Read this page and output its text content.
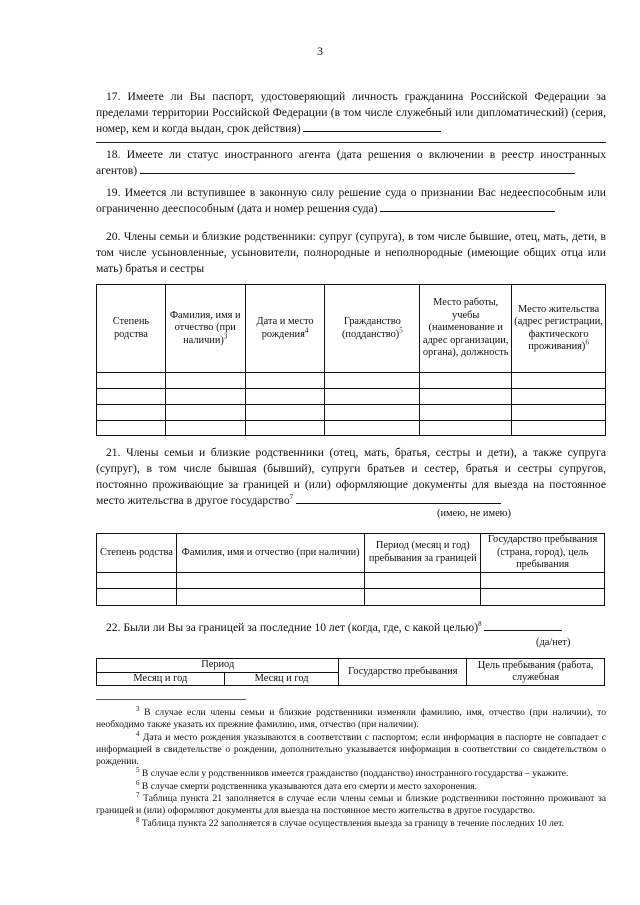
3
17. Имеете ли Вы паспорт, удостоверяющий личность гражданина Российской Федерации за пределами территории Российской Федерации (в том числе служебный или дипломатический) (серия, номер, кем и когда выдан, срок действия)
18. Имеете ли статус иностранного агента (дата решения о включении в реестр иностранных агентов)
19. Имеется ли вступившее в законную силу решение суда о признании Вас недееспособным или ограниченно дееспособным (дата и номер решения суда)
20. Члены семьи и близкие родственники: супруг (супруга), в том числе бывшие, отец, мать, дети, в том числе усыновленные, усыновители, полнородные и неполнородные (имеющие общих отца или мать) братья и сестры
Степень родства	Фамилия, имя и отчество (при наличии)$^3$	Дата и место рождения$^4$	Гражданство (подданство)$^5$	Место работы, учебы (наименование и адрес организации, органа), должность	Место жительства (адрес регистрации, фактического проживания)$^6$

21. Члены семьи и близкие родственники (отец, мать, братья, сестры и дети), а также супруга (супруг), в том числе бывшая (бывший), супруги братьев и сестер, братья и сестры супругов, постоянно проживающие за границей и (или) оформляющие документы для выезда на постоянное место жительства в другое государство$^7$
(имею, не имею)
Степень родства	Фамилия, имя и отчество (при наличии)	Период (месяц и год) пребывания за границей	Государство пребывания (страна, город), цель пребывания

22. Были ли Вы за границей за последние 10 лет (когда, где, с какой целью)$^8$
(да/нет)
Период		Государство пребывания	Цель пребывания (работа, служебная
Месяц и год	Месяц и год		

$^3$ В случае если члены семьи и близкие родственники изменяли фамилию, имя, отчество (при наличии), то необходимо также указать их прежние фамилию, имя, отчество (при наличии).

$^4$ Дата и место рождения указываются в соответствии с паспортом; если информация в паспорте не совпадает с информацией в свидетельстве о рождении, дополнительно указывается информация в соответствии со свидетельством о рождении.

$^5$ В случае если у родственников имеется гражданство (подданство) иностранного государства – укажите.

$^6$ В случае смерти родственника указываются дата его смерти и место захоронения.

$^7$ Таблица пункта 21 заполняется в случае если члены семьи и близкие родственники постоянно проживают за границей и (или) оформляют документы для выезда на постоянное место жительства в другое государство.

$^8$ Таблица пункта 22 заполняется в случае осуществления выезда за границу в течение последних 10 лет.
